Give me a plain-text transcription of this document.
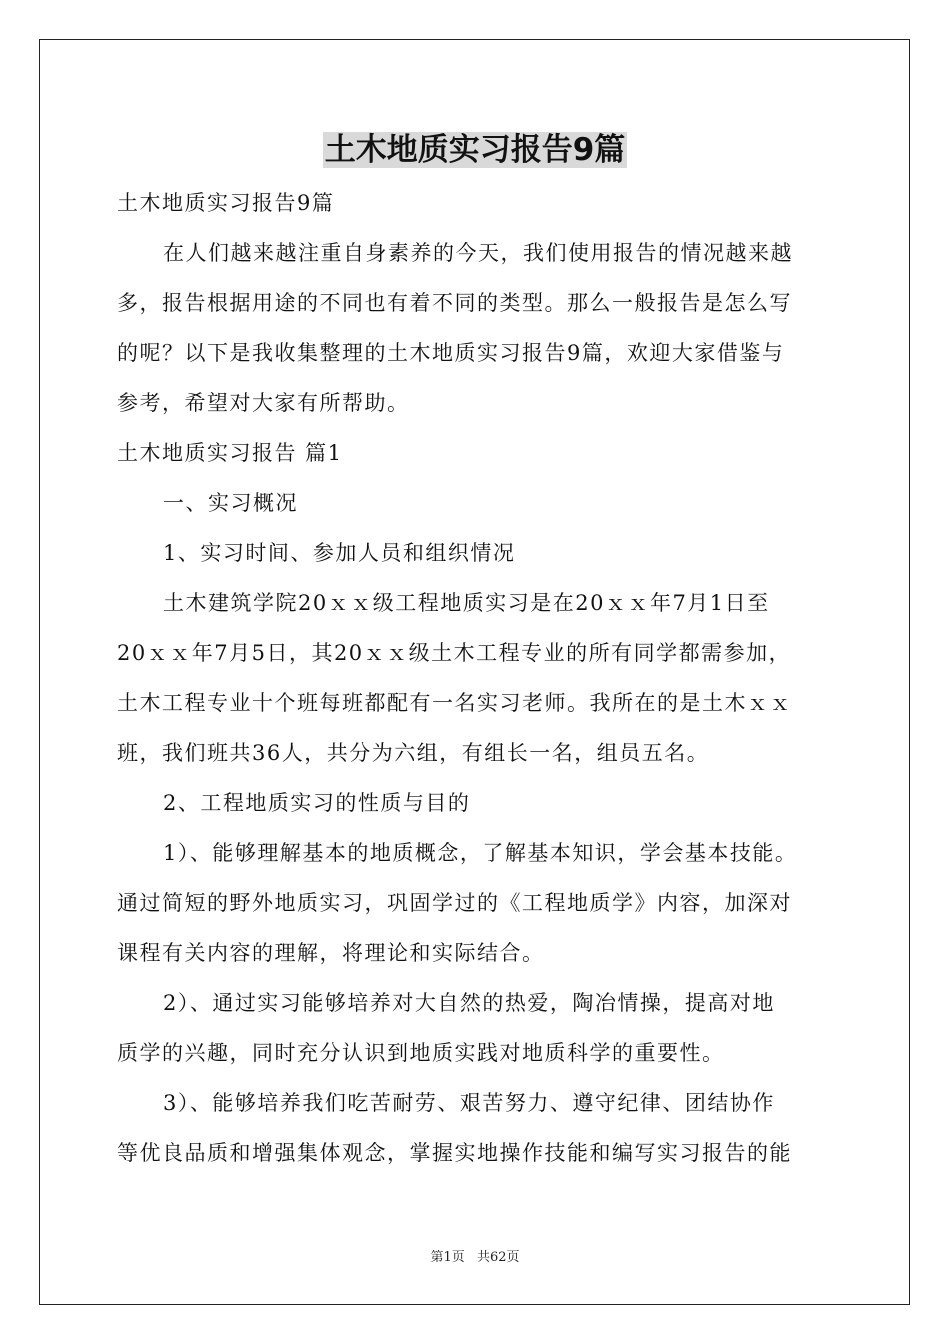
土木地质实习报告9篇

土木地质实习报告9篇

在人们越来越注重自身素养的今天，我们使用报告的情况越来越

多，报告根据用途的不同也有着不同的类型。那么一般报告是怎么写

的呢？以下是我收集整理的土木地质实习报告9篇，欢迎大家借鉴与

参考，希望对大家有所帮助。

土木地质实习报告 篇1

一、实习概况

1、实习时间、参加人员和组织情况

土木建筑学院20ｘｘ级工程地质实习是在20ｘｘ年7月1日至

20ｘｘ年7月5日，其20ｘｘ级土木工程专业的所有同学都需参加，

土木工程专业十个班每班都配有一名实习老师。我所在的是土木ｘｘ

班，我们班共36人，共分为六组，有组长一名，组员五名。

2、工程地质实习的性质与目的

1）、能够理解基本的地质概念，了解基本知识，学会基本技能。

通过简短的野外地质实习，巩固学过的《工程地质学》内容，加深对

课程有关内容的理解，将理论和实际结合。

2）、通过实习能够培养对大自然的热爱，陶冶情操，提高对地

质学的兴趣，同时充分认识到地质实践对地质科学的重要性。

3）、能够培养我们吃苦耐劳、艰苦努力、遵守纪律、团结协作

等优良品质和增强集体观念，掌握实地操作技能和编写实习报告的能

第1页 共62页
